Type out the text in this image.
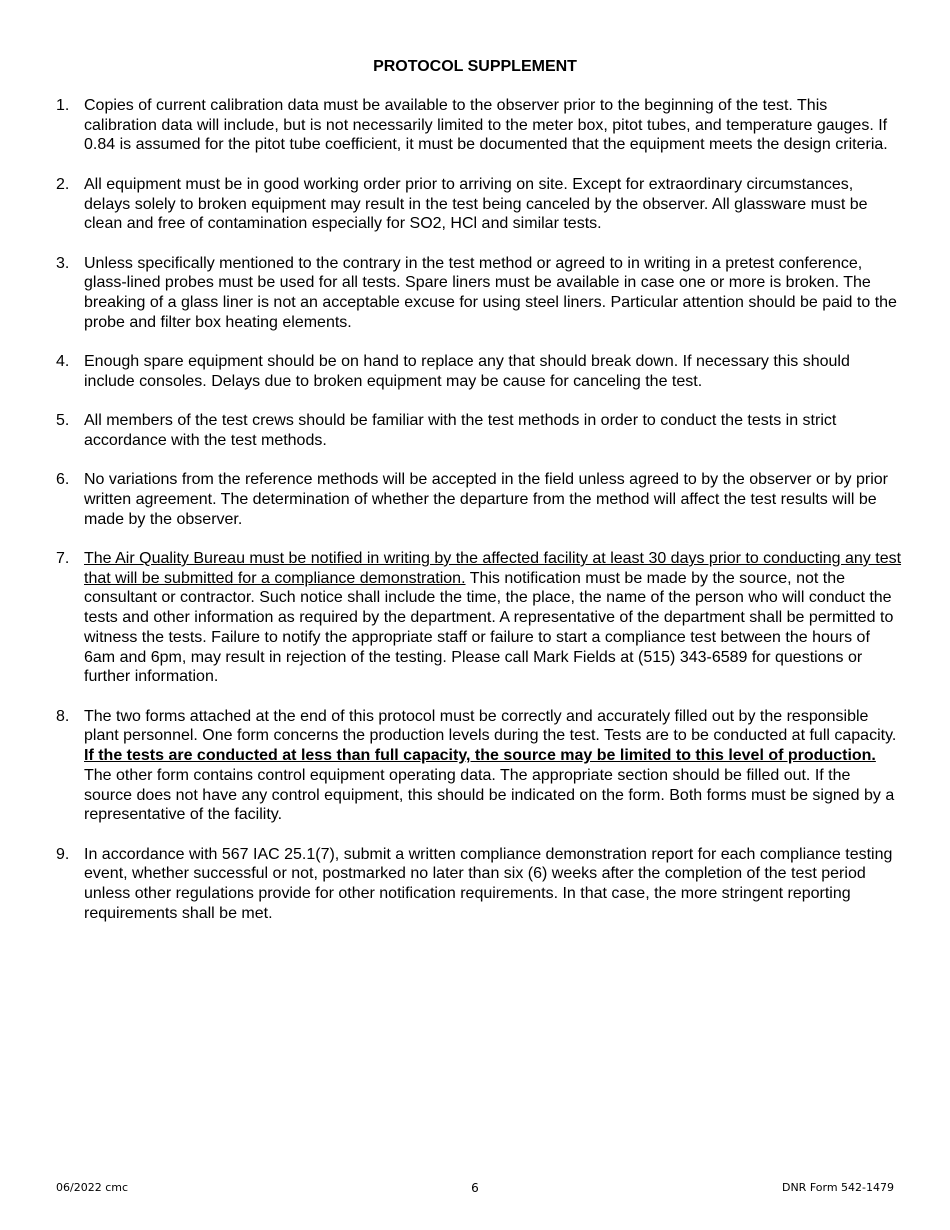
PROTOCOL SUPPLEMENT
1. Copies of current calibration data must be available to the observer prior to the beginning of the test. This calibration data will include, but is not necessarily limited to the meter box, pitot tubes, and temperature gauges. If 0.84 is assumed for the pitot tube coefficient, it must be documented that the equipment meets the design criteria.
2. All equipment must be in good working order prior to arriving on site. Except for extraordinary circumstances, delays solely to broken equipment may result in the test being canceled by the observer. All glassware must be clean and free of contamination especially for SO2, HCl and similar tests.
3. Unless specifically mentioned to the contrary in the test method or agreed to in writing in a pretest conference, glass-lined probes must be used for all tests. Spare liners must be available in case one or more is broken. The breaking of a glass liner is not an acceptable excuse for using steel liners. Particular attention should be paid to the probe and filter box heating elements.
4. Enough spare equipment should be on hand to replace any that should break down. If necessary this should include consoles. Delays due to broken equipment may be cause for canceling the test.
5. All members of the test crews should be familiar with the test methods in order to conduct the tests in strict accordance with the test methods.
6. No variations from the reference methods will be accepted in the field unless agreed to by the observer or by prior written agreement. The determination of whether the departure from the method will affect the test results will be made by the observer.
7. The Air Quality Bureau must be notified in writing by the affected facility at least 30 days prior to conducting any test that will be submitted for a compliance demonstration. This notification must be made by the source, not the consultant or contractor. Such notice shall include the time, the place, the name of the person who will conduct the tests and other information as required by the department. A representative of the department shall be permitted to witness the tests. Failure to notify the appropriate staff or failure to start a compliance test between the hours of 6am and 6pm, may result in rejection of the testing. Please call Mark Fields at (515) 343-6589 for questions or further information.
8. The two forms attached at the end of this protocol must be correctly and accurately filled out by the responsible plant personnel. One form concerns the production levels during the test. Tests are to be conducted at full capacity. If the tests are conducted at less than full capacity, the source may be limited to this level of production. The other form contains control equipment operating data. The appropriate section should be filled out. If the source does not have any control equipment, this should be indicated on the form. Both forms must be signed by a representative of the facility.
9. In accordance with 567 IAC 25.1(7), submit a written compliance demonstration report for each compliance testing event, whether successful or not, postmarked no later than six (6) weeks after the completion of the test period unless other regulations provide for other notification requirements. In that case, the more stringent reporting requirements shall be met.
06/2022 cmc	6	DNR Form 542-1479
